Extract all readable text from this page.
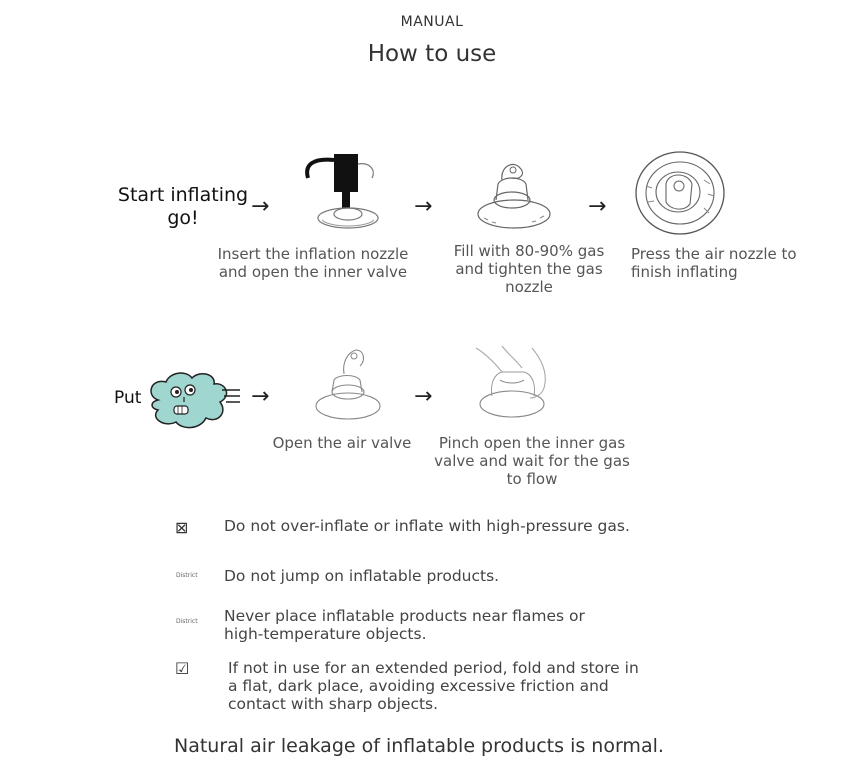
MANUAL
How to use
Start inflating
go!	→
Insert the inflation nozzle and open the inner valve
→
Fill with 80-90% gas and tighten the gas nozzle
→
Press the air nozzle to finish inflating
Put	→
Open the air valve
→
Pinch open the inner gas valve and wait for the gas to flow
⊠ Do not over-inflate or inflate with high-pressure gas.
District Do not jump on inflatable products.
District Never place inflatable products near flames or high-temperature objects.
☑ If not in use for an extended period, fold and store in a flat, dark place, avoiding excessive friction and contact with sharp objects.
Natural air leakage of inflatable products is normal.
